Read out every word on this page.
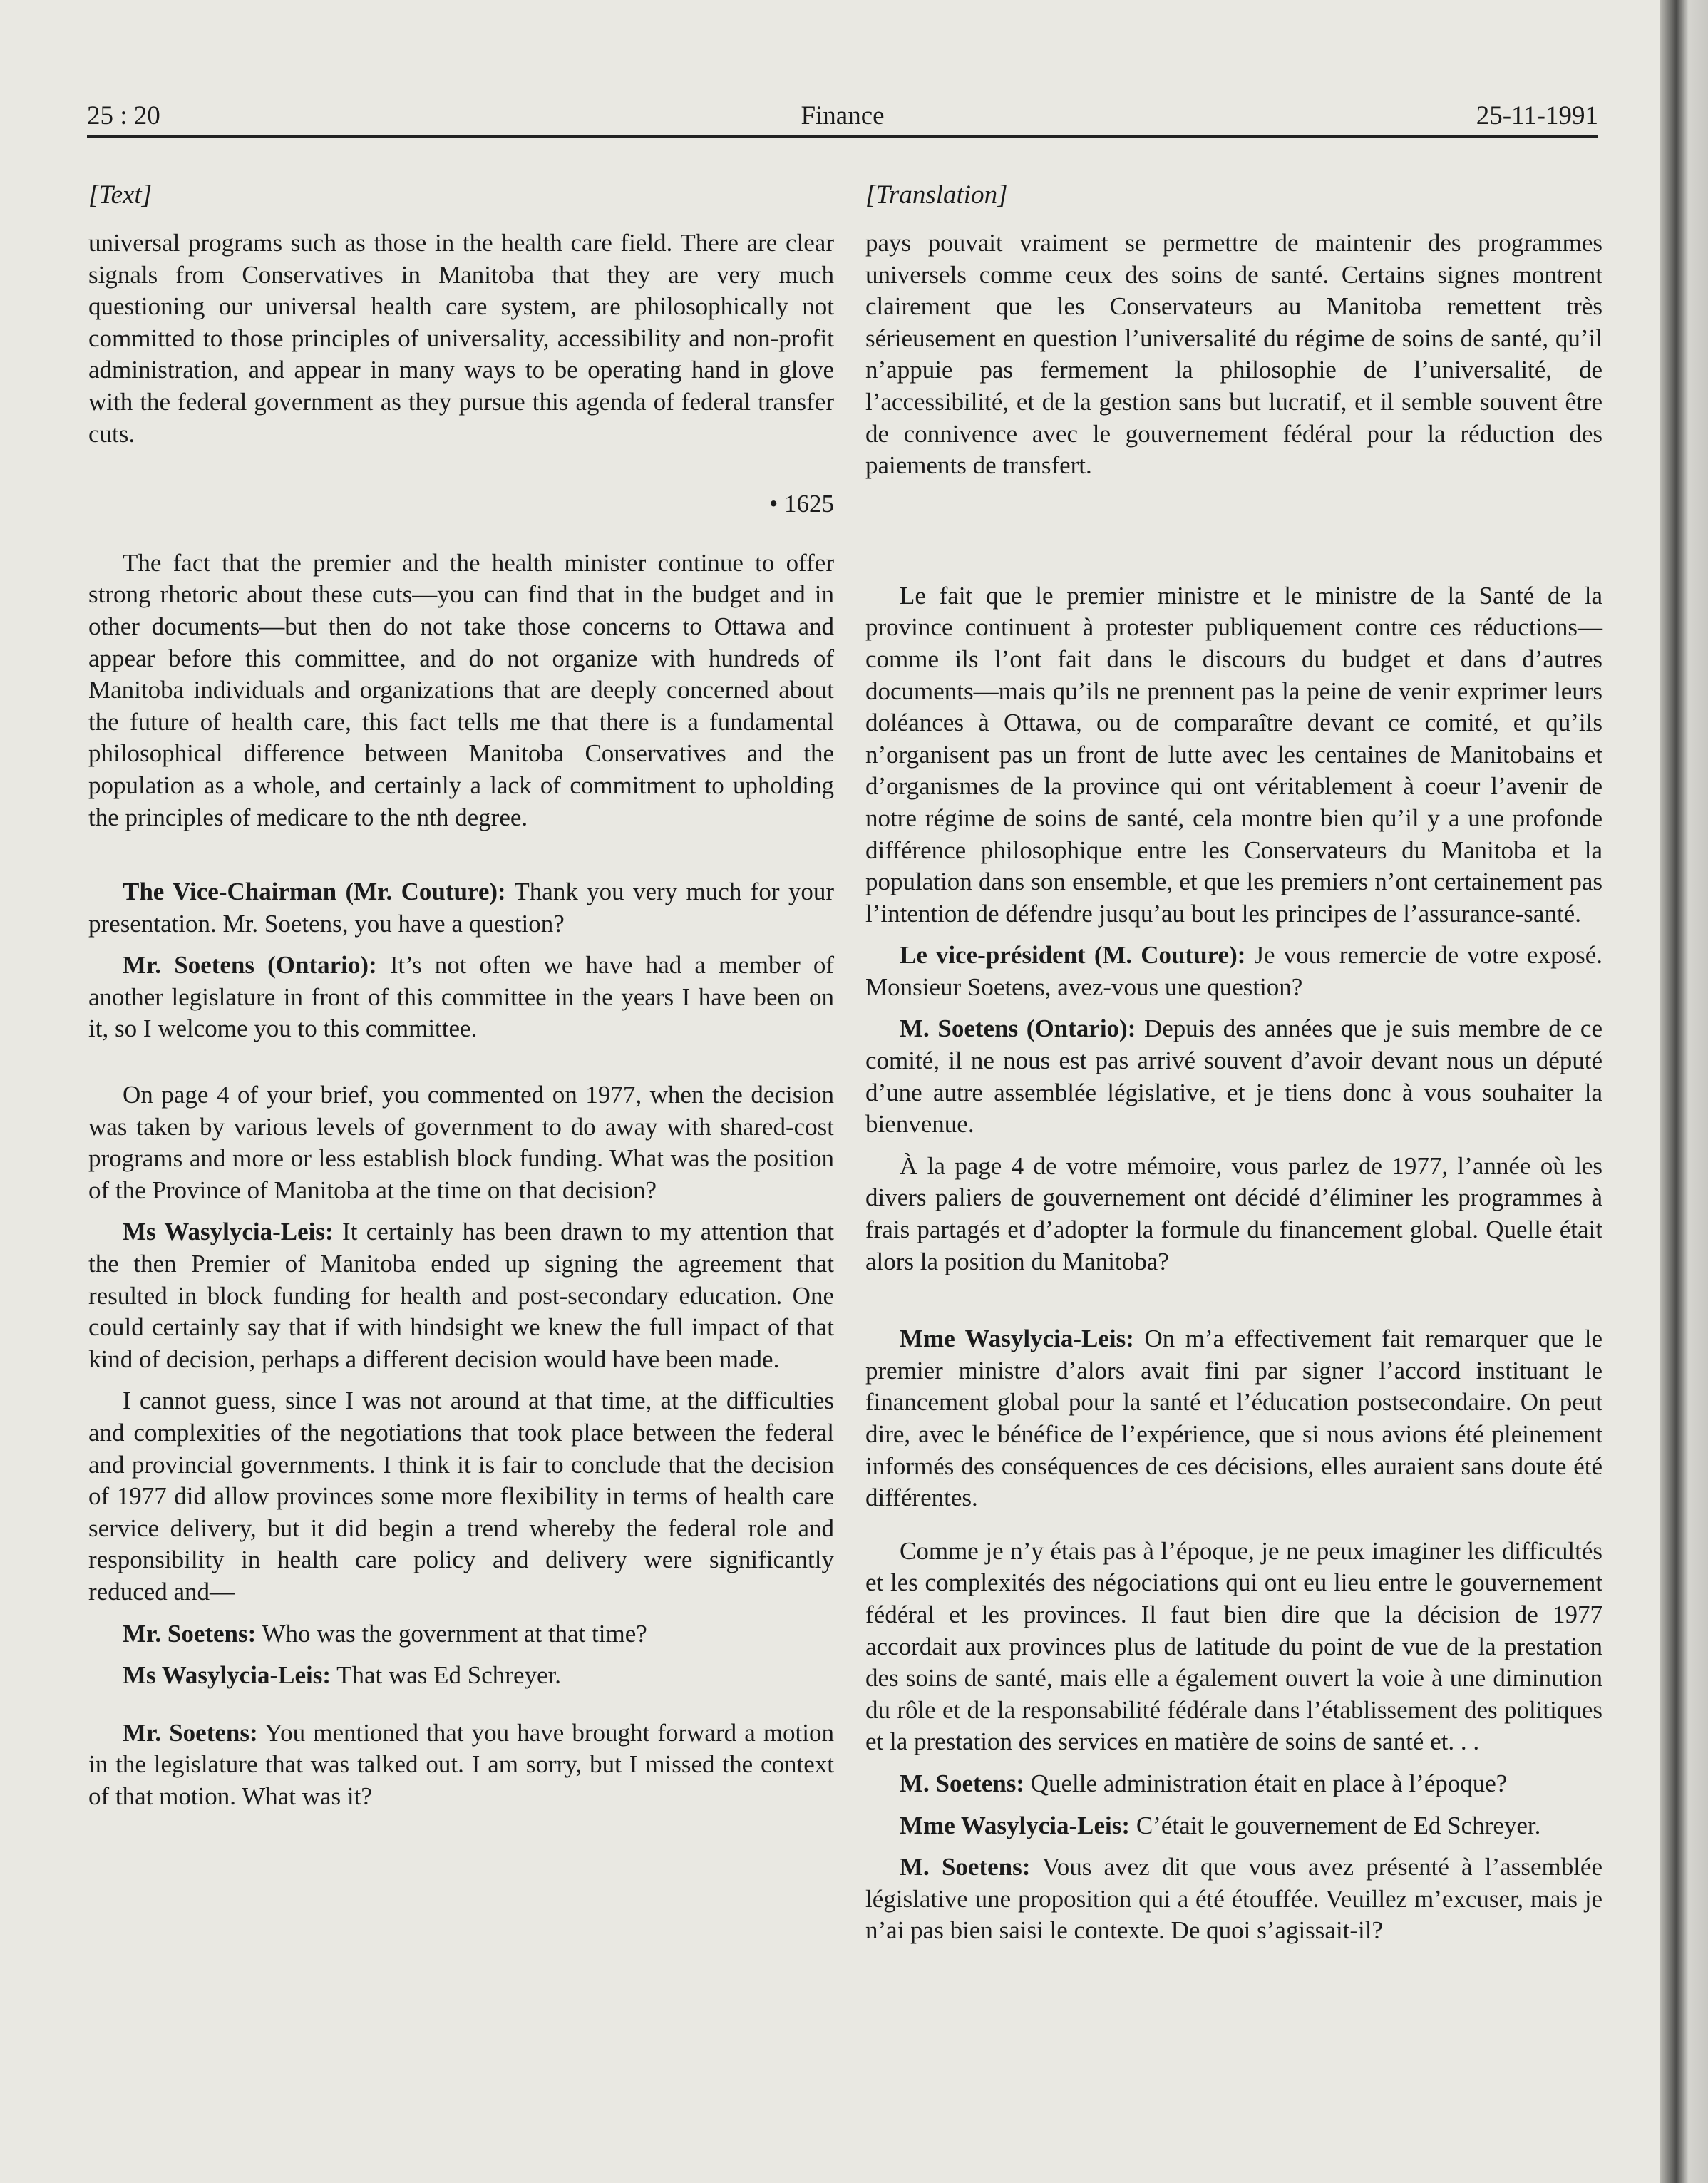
25 : 20	Finance	25-11-1991
[Text]

universal programs such as those in the health care field. There are clear signals from Conservatives in Manitoba that they are very much questioning our universal health care system, are philosophically not committed to those principles of universality, accessibility and non-profit administration, and appear in many ways to be operating hand in glove with the federal government as they pursue this agenda of federal transfer cuts.

• 1625

The fact that the premier and the health minister continue to offer strong rhetoric about these cuts—you can find that in the budget and in other documents—but then do not take those concerns to Ottawa and appear before this committee, and do not organize with hundreds of Manitoba individuals and organizations that are deeply concerned about the future of health care, this fact tells me that there is a fundamental philosophical difference between Manitoba Conservatives and the population as a whole, and certainly a lack of commitment to upholding the principles of medicare to the nth degree.

The Vice-Chairman (Mr. Couture): Thank you very much for your presentation. Mr. Soetens, you have a question?

Mr. Soetens (Ontario): It’s not often we have had a member of another legislature in front of this committee in the years I have been on it, so I welcome you to this committee.

On page 4 of your brief, you commented on 1977, when the decision was taken by various levels of government to do away with shared-cost programs and more or less establish block funding. What was the position of the Province of Manitoba at the time on that decision?

Ms Wasylycia-Leis: It certainly has been drawn to my attention that the then Premier of Manitoba ended up signing the agreement that resulted in block funding for health and post-secondary education. One could certainly say that if with hindsight we knew the full impact of that kind of decision, perhaps a different decision would have been made.

I cannot guess, since I was not around at that time, at the difficulties and complexities of the negotiations that took place between the federal and provincial governments. I think it is fair to conclude that the decision of 1977 did allow provinces some more flexibility in terms of health care service delivery, but it did begin a trend whereby the federal role and responsibility in health care policy and delivery were significantly reduced and—

Mr. Soetens: Who was the government at that time?

Ms Wasylycia-Leis: That was Ed Schreyer.

Mr. Soetens: You mentioned that you have brought forward a motion in the legislature that was talked out. I am sorry, but I missed the context of that motion. What was it?

[Translation]

pays pouvait vraiment se permettre de maintenir des programmes universels comme ceux des soins de santé. Certains signes montrent clairement que les Conservateurs au Manitoba remettent très sérieusement en question l’universalité du régime de soins de santé, qu’il n’appuie pas fermement la philosophie de l’universalité, de l’accessibilité, et de la gestion sans but lucratif, et il semble souvent être de connivence avec le gouvernement fédéral pour la réduction des paiements de transfert.

Le fait que le premier ministre et le ministre de la Santé de la province continuent à protester publiquement contre ces réductions—comme ils l’ont fait dans le discours du budget et dans d’autres documents—mais qu’ils ne prennent pas la peine de venir exprimer leurs doléances à Ottawa, ou de comparaître devant ce comité, et qu’ils n’organisent pas un front de lutte avec les centaines de Manitobains et d’organismes de la province qui ont véritablement à coeur l’avenir de notre régime de soins de santé, cela montre bien qu’il y a une profonde différence philosophique entre les Conservateurs du Manitoba et la population dans son ensemble, et que les premiers n’ont certainement pas l’intention de défendre jusqu’au bout les principes de l’assurance-santé.

Le vice-président (M. Couture): Je vous remercie de votre exposé. Monsieur Soetens, avez-vous une question?

M. Soetens (Ontario): Depuis des années que je suis membre de ce comité, il ne nous est pas arrivé souvent d’avoir devant nous un député d’une autre assemblée législative, et je tiens donc à vous souhaiter la bienvenue.

À la page 4 de votre mémoire, vous parlez de 1977, l’année où les divers paliers de gouvernement ont décidé d’éliminer les programmes à frais partagés et d’adopter la formule du financement global. Quelle était alors la position du Manitoba?

Mme Wasylycia-Leis: On m’a effectivement fait remarquer que le premier ministre d’alors avait fini par signer l’accord instituant le financement global pour la santé et l’éducation postsecondaire. On peut dire, avec le bénéfice de l’expérience, que si nous avions été pleinement informés des conséquences de ces décisions, elles auraient sans doute été différentes.

Comme je n’y étais pas à l’époque, je ne peux imaginer les difficultés et les complexités des négociations qui ont eu lieu entre le gouvernement fédéral et les provinces. Il faut bien dire que la décision de 1977 accordait aux provinces plus de latitude du point de vue de la prestation des soins de santé, mais elle a également ouvert la voie à une diminution du rôle et de la responsabilité fédérale dans l’établissement des politiques et la prestation des services en matière de soins de santé et. . .

M. Soetens: Quelle administration était en place à l’époque?

Mme Wasylycia-Leis: C’était le gouvernement de Ed Schreyer.

M. Soetens: Vous avez dit que vous avez présenté à l’assemblée législative une proposition qui a été étouffée. Veuillez m’excuser, mais je n’ai pas bien saisi le contexte. De quoi s’agissait-il?
